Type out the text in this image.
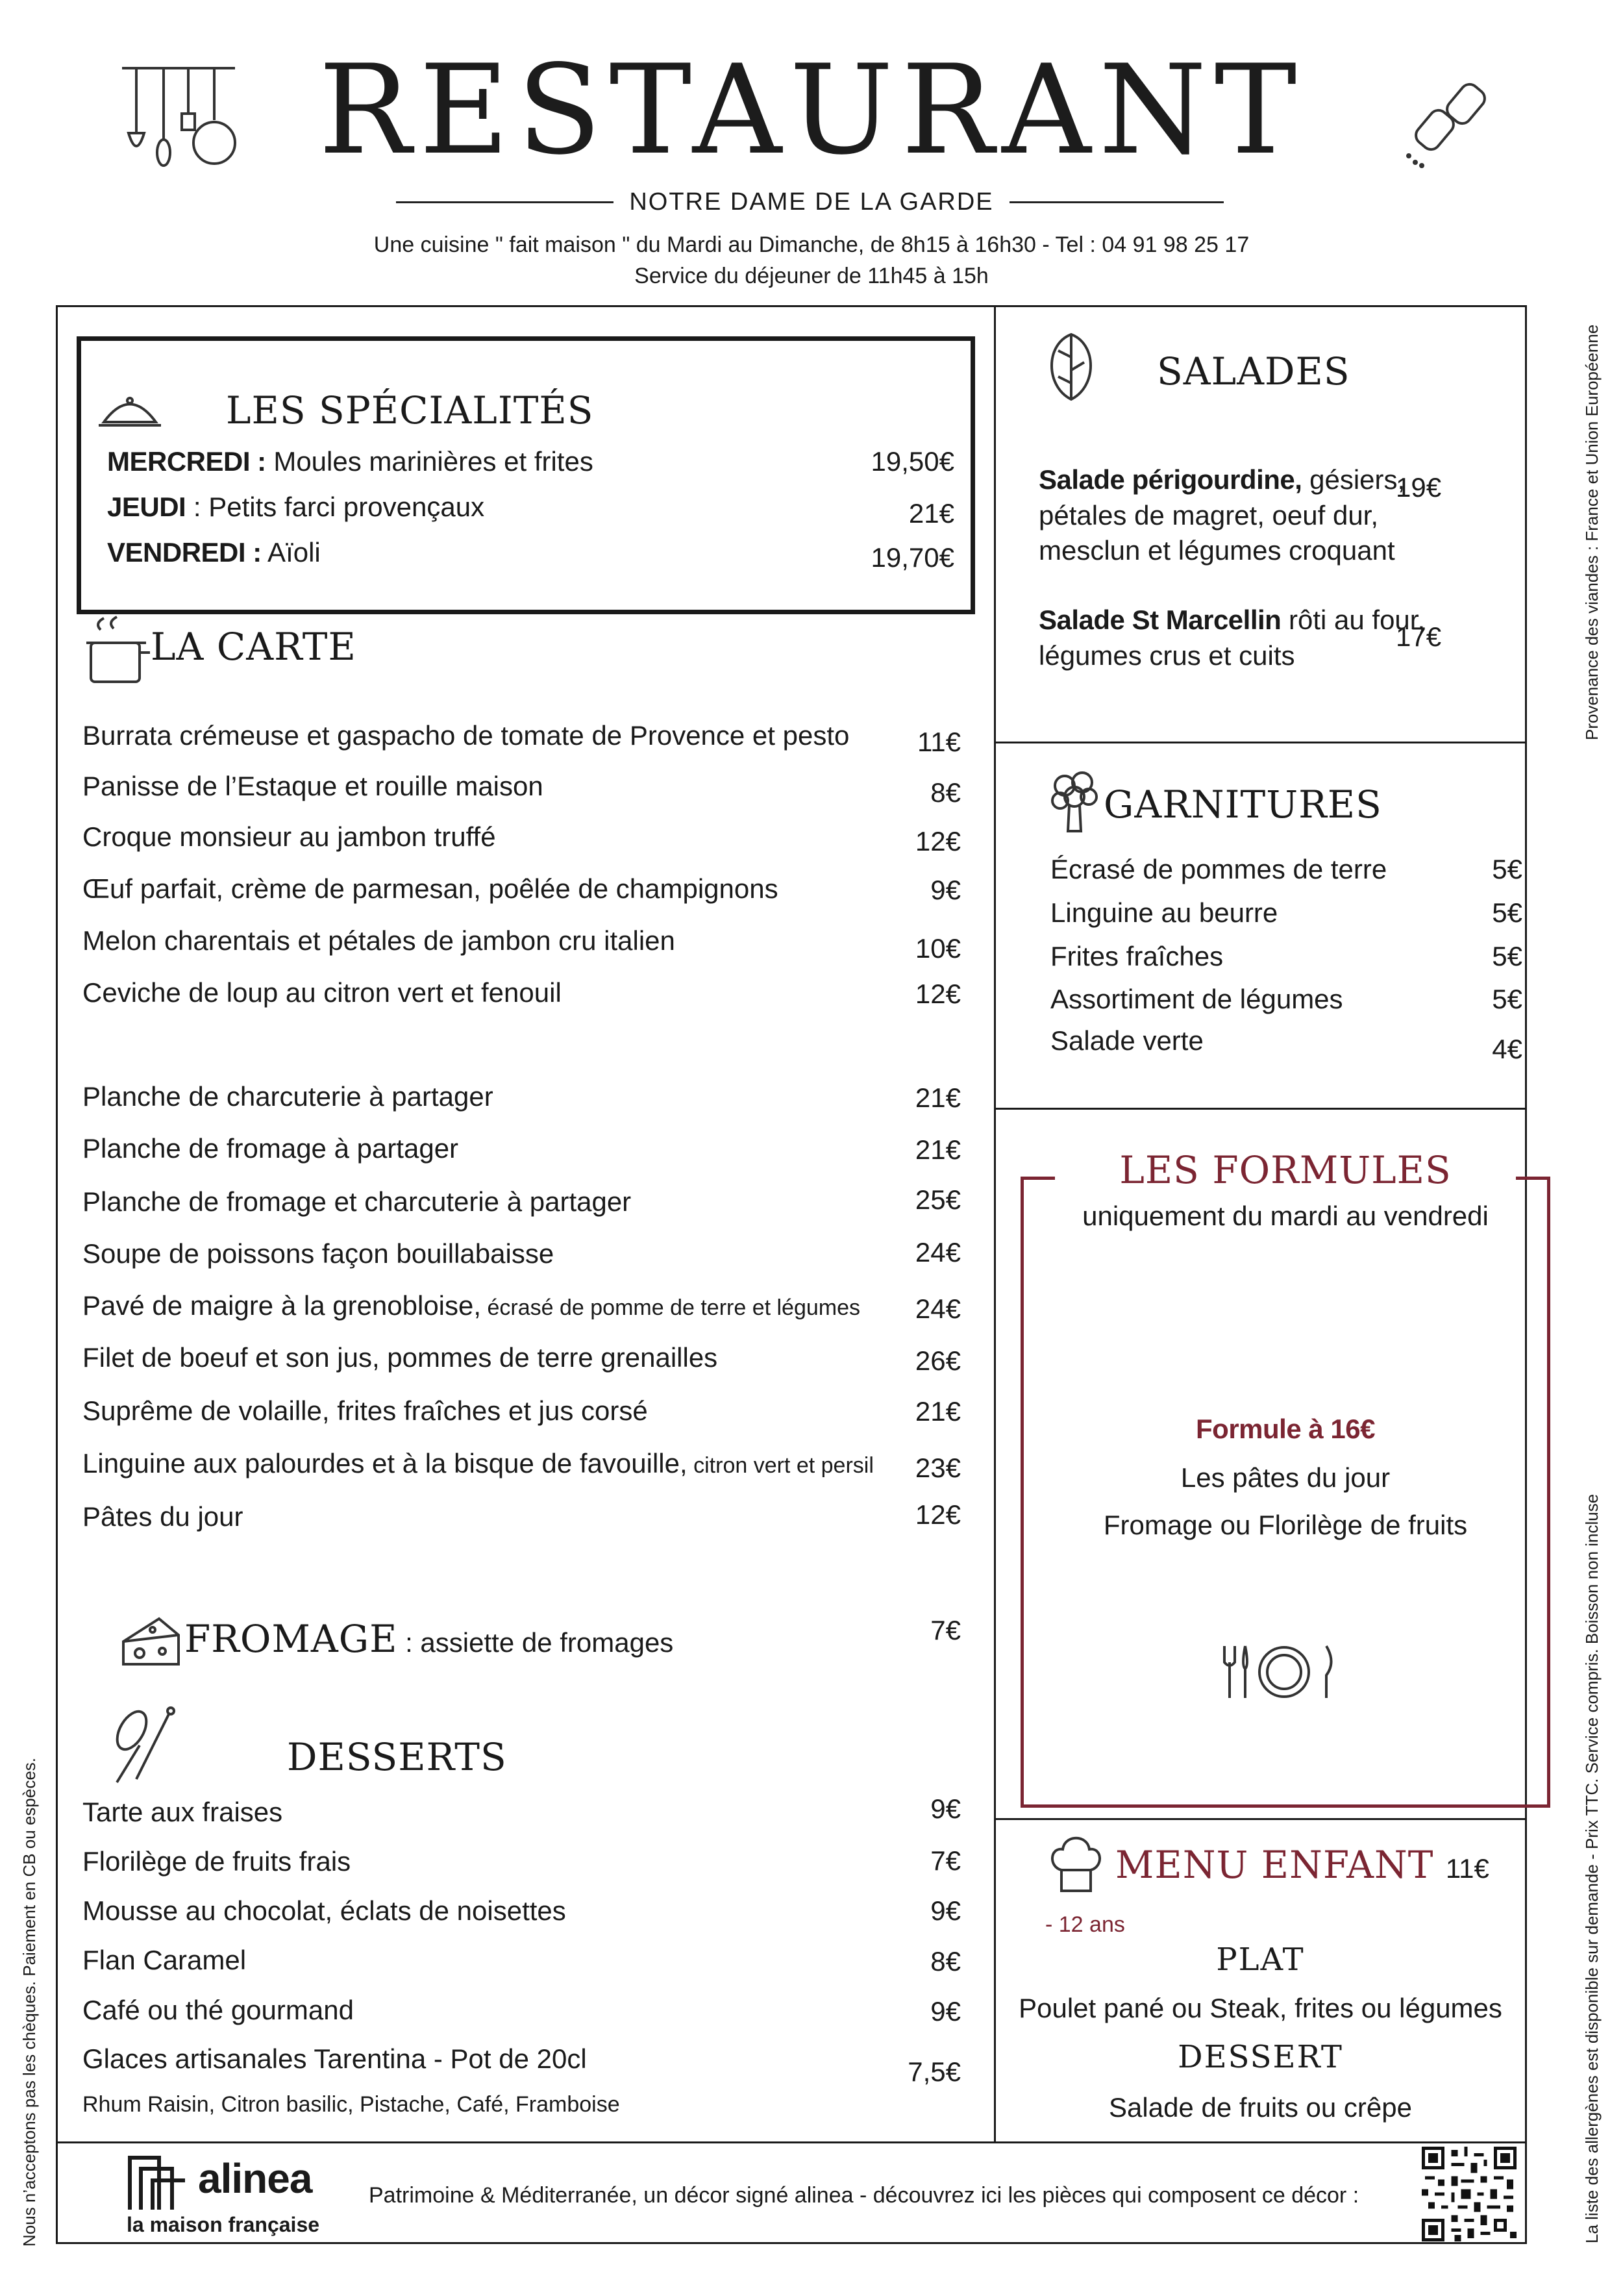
RESTAURANT
NOTRE DAME DE LA GARDE
Une cuisine " fait maison " du Mardi au Dimanche, de 8h15 à 16h30 - Tel : 04 91 98 25 17
Service du déjeuner de 11h45 à 15h
LES SPÉCIALITÉS
MERCREDI : Moules marinières et frites	19,50€
JEUDI : Petits farci provençaux	21€
VENDREDI : Aïoli	19,70€
LA CARTE
Burrata crémeuse et gaspacho de tomate de Provence et pesto	11€
Panisse de l’Estaque et rouille maison	8€
Croque monsieur au jambon truffé	12€
Œuf parfait, crème de parmesan, poêlée de champignons	9€
Melon charentais et pétales de jambon cru italien	10€
Ceviche de loup au citron vert et fenouil	12€
Planche de charcuterie à partager	21€
Planche de fromage à partager	21€
Planche de fromage et charcuterie à partager	25€
Soupe de poissons façon bouillabaisse	24€
Pavé de maigre à la grenobloise, écrasé de pomme de terre et légumes	24€
Filet de boeuf et son jus, pommes de terre grenailles	26€
Suprême de volaille, frites fraîches et jus corsé	21€
Linguine aux palourdes et à la bisque de favouille, citron vert et persil	23€
Pâtes du jour	12€
FROMAGE : assiette de fromages	7€
DESSERTS
Tarte aux fraises	9€
Florilège de fruits frais	7€
Mousse au chocolat, éclats de noisettes	9€
Flan Caramel	8€
Café ou thé gourmand	9€
Glaces artisanales Tarentina - Pot de 20cl	7,5€
Rhum Raisin, Citron basilic, Pistache, Café, Framboise
SALADES
Salade périgourdine, gésiers,
pétales de magret, oeuf dur,
mesclun et légumes croquant
19€
Salade St Marcellin rôti au four,
légumes crus et cuits
17€
GARNITURES
Écrasé de pommes de terre	5€
Linguine au beurre	5€
Frites fraîches	5€
Assortiment de légumes	5€
Salade verte	4€
LES FORMULES
uniquement du mardi au vendredi
Formule à 16€
Les pâtes du jour
Fromage ou Florilège de fruits
MENU ENFANT 11€
- 12 ans
PLAT
Poulet pané ou Steak, frites ou légumes
DESSERT
Salade de fruits ou crêpe
alinea
la maison française
Patrimoine & Méditerranée, un décor signé alinea - découvrez ici les pièces qui composent ce décor :
Nous n’acceptons pas les chèques. Paiement en CB ou espèces.
Provenance des viandes : France et Union Européenne
La liste des allergènes est disponible sur demande - Prix TTC. Service compris. Boisson non incluse
